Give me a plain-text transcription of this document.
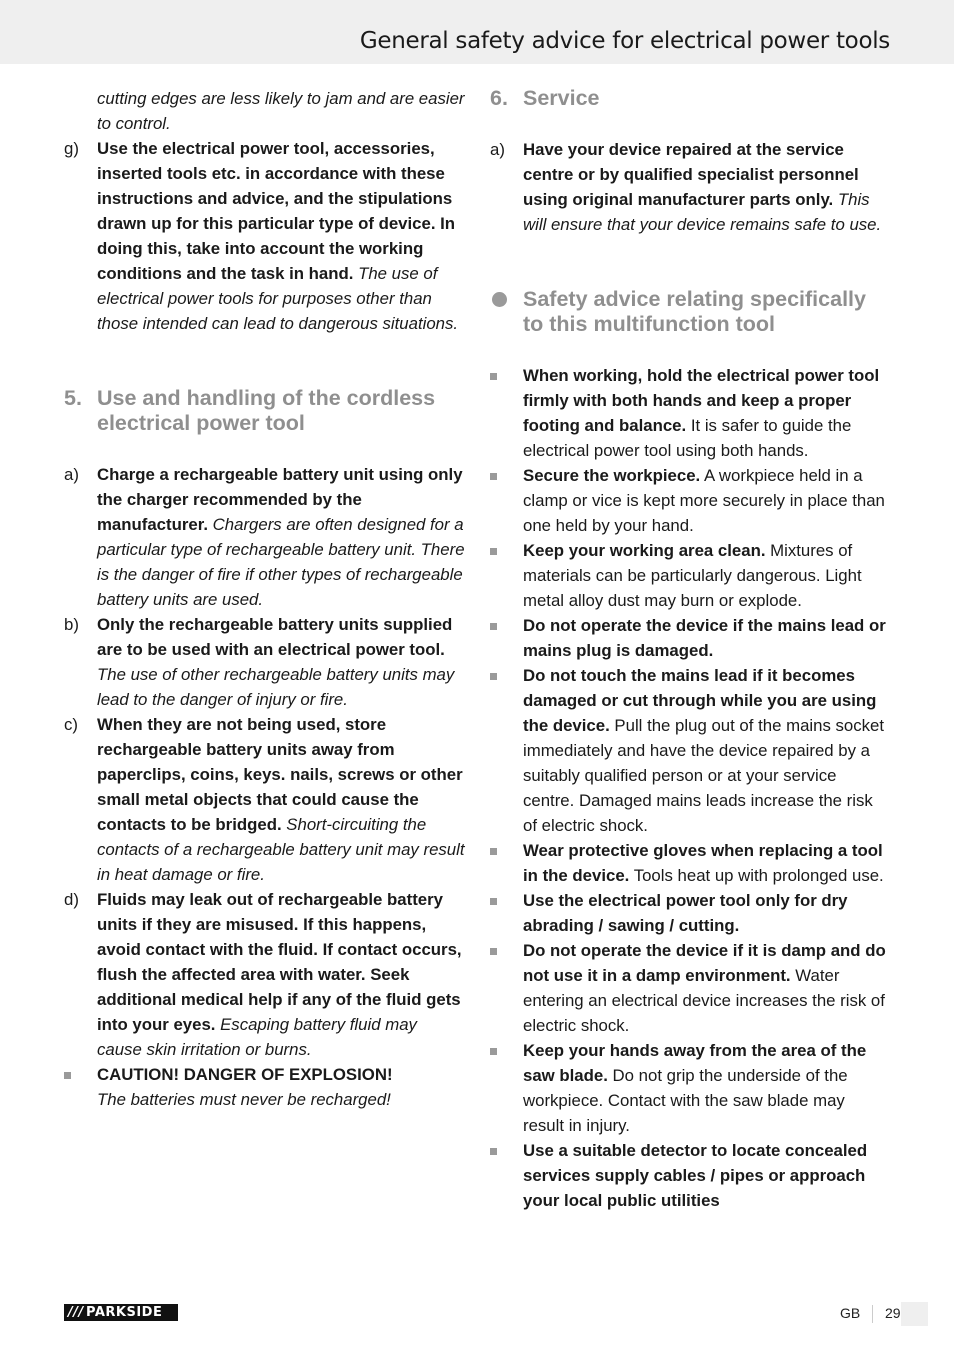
General safety advice for electrical power tools

cutting edges are less likely to jam and are easier to control.

g) Use the electrical power tool, accessories, inserted tools etc. in accordance with these instructions and advice, and the stipulations drawn up for this particular type of device. In doing this, take into account the working conditions and the task in hand. The use of electrical power tools for purposes other than those intended can lead to dangerous situations.
5. Use and handling of the cordless electrical power tool
a) Charge a rechargeable battery unit using only the charger recommended by the manufacturer. Chargers are often designed for a particular type of rechargeable battery unit. There is the danger of fire if other types of rechargeable battery units are used.
b) Only the rechargeable battery units supplied are to be used with an electrical power tool. The use of other rechargeable battery units may lead to the danger of injury or fire.
c) When they are not being used, store rechargeable battery units away from paperclips, coins, keys. nails, screws or other small metal objects that could cause the contacts to be bridged. Short-circuiting the contacts of a rechargeable battery unit may result in heat damage or fire.
d) Fluids may leak out of rechargeable battery units if they are misused. If this happens, avoid contact with the fluid. If contact occurs, flush the affected area with water. Seek additional medical help if any of the fluid gets into your eyes. Escaping battery fluid may cause skin irritation or burns.
CAUTION! DANGER OF EXPLOSION!
The batteries must never be recharged!
6. Service
a) Have your device repaired at the service centre or by qualified specialist personnel using original manufacturer parts only. This will ensure that your device remains safe to use.
Safety advice relating specifically to this multifunction tool
When working, hold the electrical power tool firmly with both hands and keep a proper footing and balance. It is safer to guide the electrical power tool using both hands.
Secure the workpiece. A workpiece held in a clamp or vice is kept more securely in place than one held by your hand.
Keep your working area clean. Mixtures of materials can be particularly dangerous. Light metal alloy dust may burn or explode.
Do not operate the device if the mains lead or mains plug is damaged.
Do not touch the mains lead if it becomes damaged or cut through while you are using the device. Pull the plug out of the mains socket immediately and have the device repaired by a suitably qualified person or at your service centre. Damaged mains leads increase the risk of electric shock.
Wear protective gloves when replacing a tool in the device. Tools heat up with prolonged use.
Use the electrical power tool only for dry abrading / sawing / cutting.
Do not operate the device if it is damp and do not use it in a damp environment. Water entering an electrical device increases the risk of electric shock.
Keep your hands away from the area of the saw blade. Do not grip the underside of the workpiece. Contact with the saw blade may result in injury.
Use a suitable detector to locate concealed services supply cables / pipes or approach your local public utilities
/// PARKSIDE	GB 29
